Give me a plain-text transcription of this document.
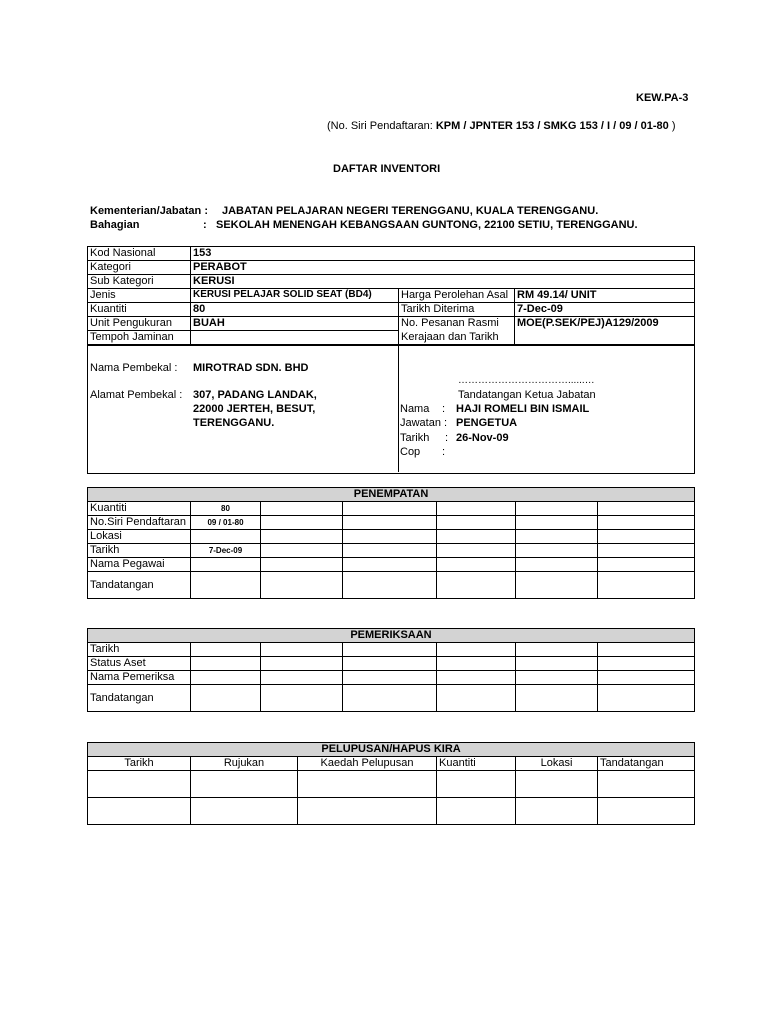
KEW.PA-3
(No. Siri Pendaftaran: KPM / JPNTER 153 / SMKG 153 / I / 09 / 01-80 )
DAFTAR INVENTORI
Kementerian/Jabatan : JABATAN PELAJARAN NEGERI TERENGGANU, KUALA TERENGGANU.
Bahagian	: SEKOLAH MENENGAH KEBANGSAAN GUNTONG, 22100 SETIU, TERENGGANU.
Kod Nasional	153		
Kategori	PERABOT		
Sub Kategori	KERUSI		
Jenis	KERUSI PELAJAR SOLID SEAT (BD4)	Harga Perolehan Asal	RM 49.14/ UNIT
Kuantiti	80	Tarikh Diterima	7-Dec-09
Unit Pengukuran	BUAH	No. Pesanan Rasmi	MOE(P.SEK/PEJ)A129/2009
Tempoh Jaminan		Kerajaan dan Tarikh	
Nama Pembekal : MIROTRAD SDN. BHD
Alamat Pembekal : 307, PADANG LANDAK,
22000 JERTEH, BESUT,
TERENGGANU.
……………………………......…
Tandatangan Ketua Jabatan
Nama : HAJI ROMELI BIN ISMAIL
Jawatan : PENGETUA
Tarikh : 26-Nov-09
Cop :
PENEMPATAN						
Kuantiti	80					
No.Siri Pendaftaran	09 / 01-80					
Lokasi						
Tarikh	7-Dec-09					
Nama Pegawai						
Tandatangan						
PEMERIKSAAN						
Tarikh						
Status Aset						
Nama Pemeriksa						
Tandatangan						
PELUPUSAN/HAPUS KIRA					
Tarikh	Rujukan	Kaedah Pelupusan	Kuantiti	Lokasi	Tandatangan
